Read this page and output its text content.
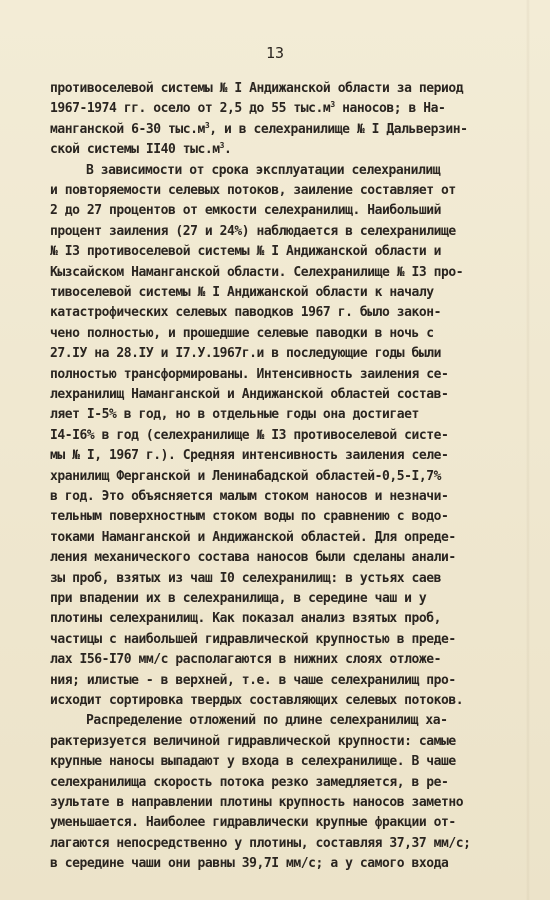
13
противоселевой системы № I Андижанской области за период
1967-1974 гг. осело от 2,5 до 55 $тыс.м^3$ наносов; в На-
манганской 6-30 $тыс.м^3$, и в селехранилище № I Дальверзин-
ской системы II40 $тыс.м^3$.
В зависимости от срока эксплуатации селехранилищ
и повторяемости селевых потоков, заиление составляет от
2 до 27 процентов от емкости селехранилищ. Наибольший
процент заиления (27 и 24%) наблюдается в селехранилище
№ I3 противоселевой системы № I Андижанской области и
Кызсайском Наманганской области. Селехранилище № I3 про-
тивоселевой системы № I Андижанской области к началу
катастрофических селевых паводков 1967 г. было закон-
чено полностью, и прошедшие селевые паводки в ночь с
27.IУ на 28.IУ и I7.У.1967г.и в последующие годы были
полностью трансформированы. Интенсивность заиления се-
лехранилищ Наманганской и Андижанской областей состав-
ляет I-5% в год, но в отдельные годы она достигает
I4-I6% в год (селехранилище № I3 противоселевой систе-
мы № I, 1967 г.). Средняя интенсивность заиления селе-
хранилищ Ферганской и Ленинабадской областей-0,5-I,7%
в год. Это объясняется малым стоком наносов и незначи-
тельным поверхностным стоком воды по сравнению с водо-
токами Наманганской и Андижанской областей. Для опреде-
ления механического состава наносов были сделаны анали-
зы проб, взятых из чаш I0 селехранилищ: в устьях саев
при впадении их в селехранилища, в середине чаш и у
плотины селехранилищ. Как показал анализ взятых проб,
частицы с наибольшей гидравлической крупностью в преде-
лах I56-I70 мм/с располагаются в нижних слоях отложе-
ния; илистые - в верхней, т.е. в чаше селехранилищ про-
исходит сортировка твердых составляющих селевых потоков.
Распределение отложений по длине селехранилищ ха-
рактеризуется величиной гидравлической крупности: самые
крупные наносы выпадают у входа в селехранилище. В чаше
селехранилища скорость потока резко замедляется, в ре-
зультате в направлении плотины крупность наносов заметно
уменьшается. Наиболее гидравлически крупные фракции от-
лагаются непосредственно у плотины, составляя 37,37 мм/с;
в середине чаши они равны 39,7I мм/с; а у самого входа
